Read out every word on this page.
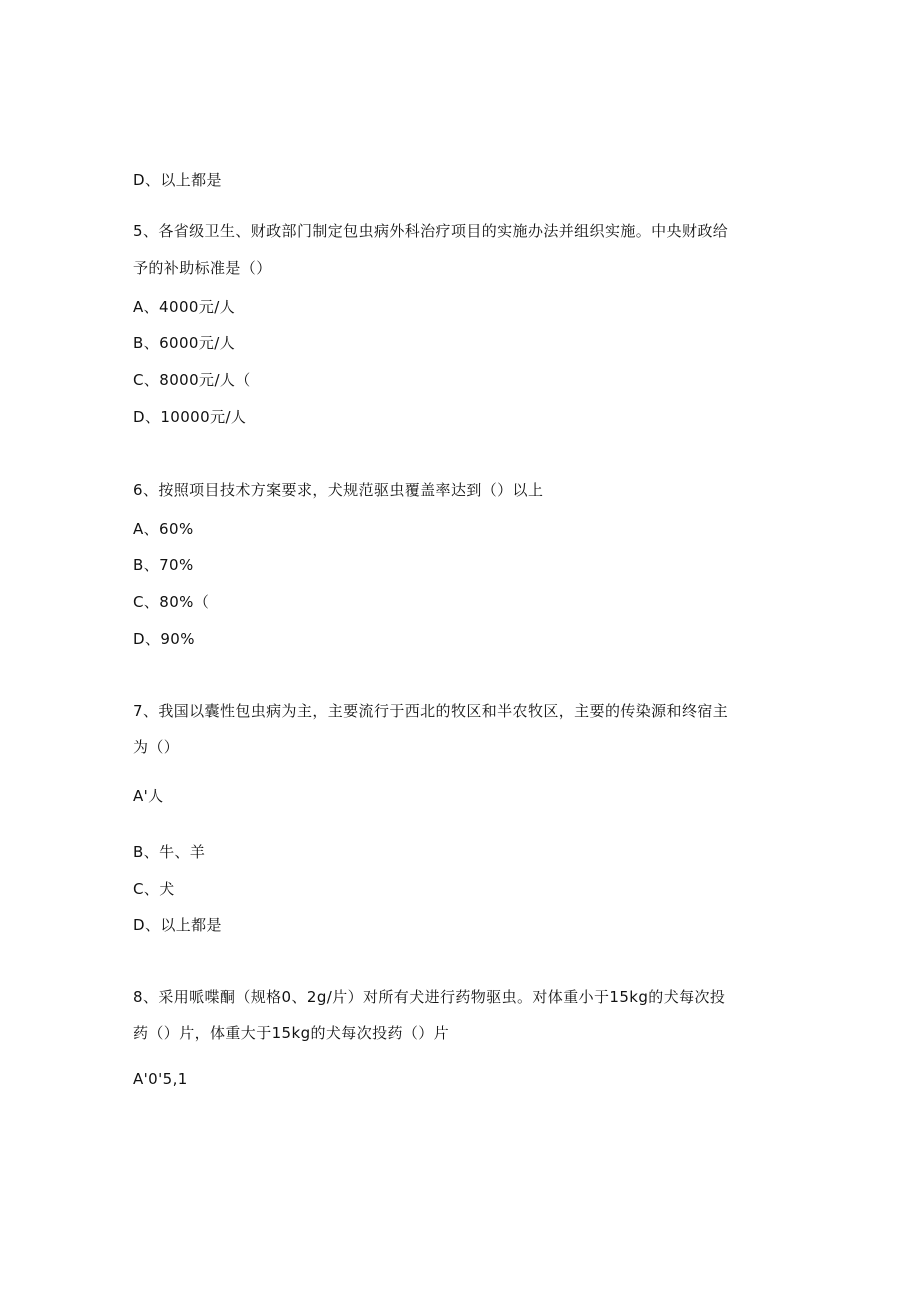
D、以上都是
5、各省级卫生、财政部门制定包虫病外科治疗项目的实施办法并组织实施。中央财政给
予的补助标准是（）
A、4000元/人
B、6000元/人
C、8000元/人（
D、10000元/人
6、按照项目技术方案要求，犬规范驱虫覆盖率达到（）以上
A、60%
B、70%
C、80%（
D、90%
7、我国以囊性包虫病为主，主要流行于西北的牧区和半农牧区，主要的传染源和终宿主
为（）
A'人
B、牛、羊
C、犬
D、以上都是
8、采用哌喋酮（规格0、2g/片）对所有犬进行药物驱虫。对体重小于15kg的犬每次投
药（）片，体重大于15kg的犬每次投药（）片
A'0'5,1
